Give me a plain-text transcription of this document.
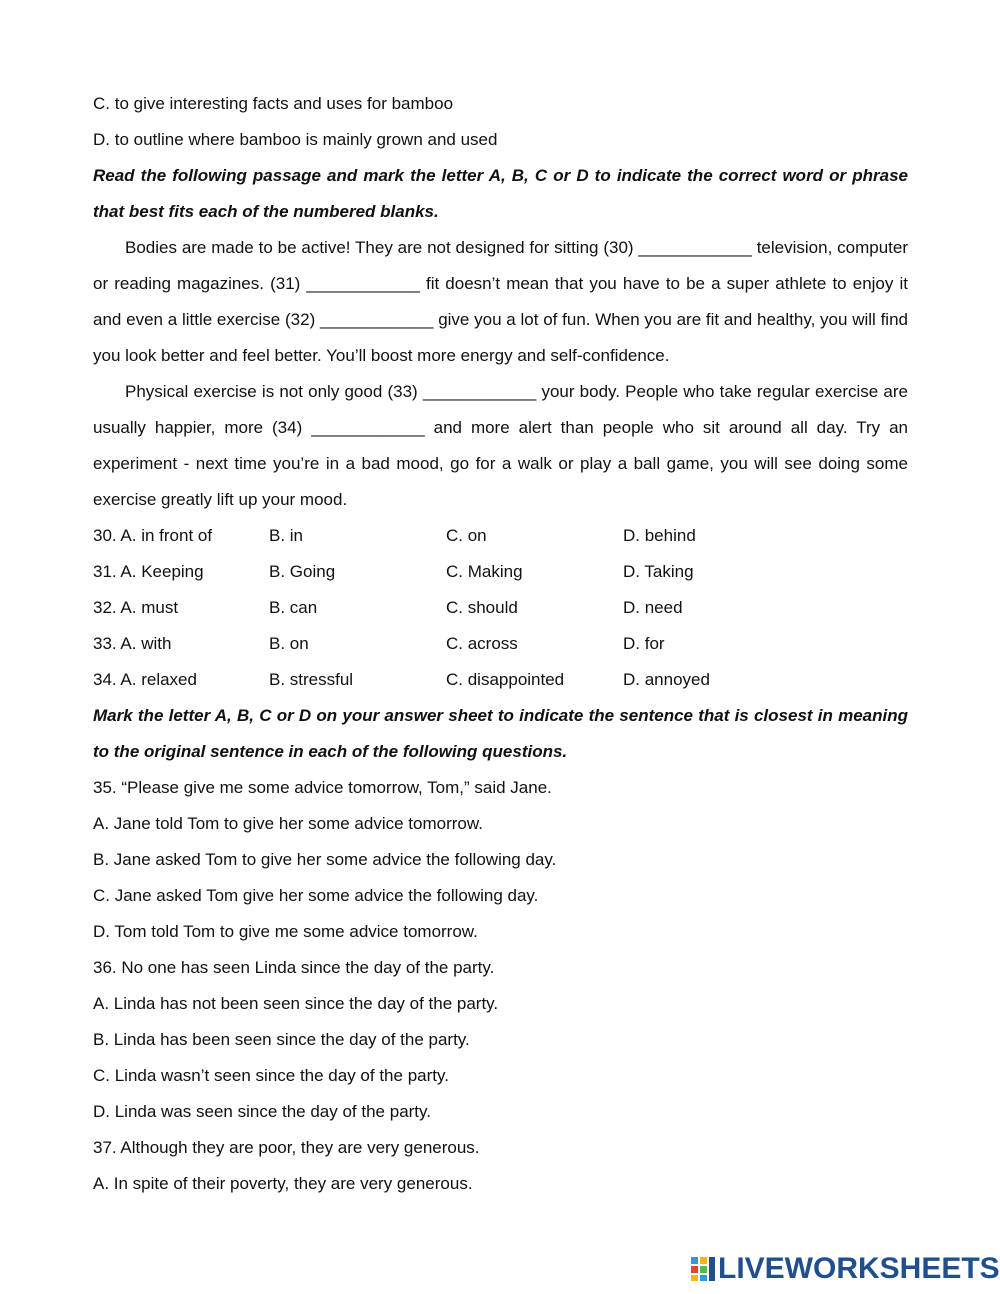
C. to give interesting facts and uses for bamboo
D. to outline where bamboo is mainly grown and used
Read the following passage and mark the letter A, B, C or D to indicate the correct word or phrase that best fits each of the numbered blanks.
Bodies are made to be active! They are not designed for sitting (30) ____________ television, computer or reading magazines. (31) ____________ fit doesn’t mean that you have to be a super athlete to enjoy it and even a little exercise (32) ____________ give you a lot of fun. When you are fit and healthy, you will find you look better and feel better. You’ll boost more energy and self-confidence.
Physical exercise is not only good (33) ____________ your body. People who take regular exercise are usually happier, more (34) ____________ and more alert than people who sit around all day. Try an experiment - next time you’re in a bad mood, go for a walk or play a ball game, you will see doing some exercise greatly lift up your mood.
30. A. in front of	B. in	C. on	D. behind
31. A. Keeping	B. Going	C. Making	D. Taking
32. A. must	B. can	C. should	D. need
33. A. with	B. on	C. across	D. for
34. A. relaxed	B. stressful	C. disappointed	D. annoyed
Mark the letter A, B, C or D on your answer sheet to indicate the sentence that is closest in meaning to the original sentence in each of the following questions.
35. “Please give me some advice tomorrow, Tom,” said Jane.
A. Jane told Tom to give her some advice tomorrow.
B. Jane asked Tom to give her some advice the following day.
C. Jane asked Tom give her some advice the following day.
D. Tom told Tom to give me some advice tomorrow.
36. No one has seen Linda since the day of the party.
A. Linda has not been seen since the day of the party.
B. Linda has been seen since the day of the party.
C. Linda wasn’t seen since the day of the party.
D. Linda was seen since the day of the party.
37. Although they are poor, they are very generous.
A. In spite of their poverty, they are very generous.
LIVEWORKSHEETS
